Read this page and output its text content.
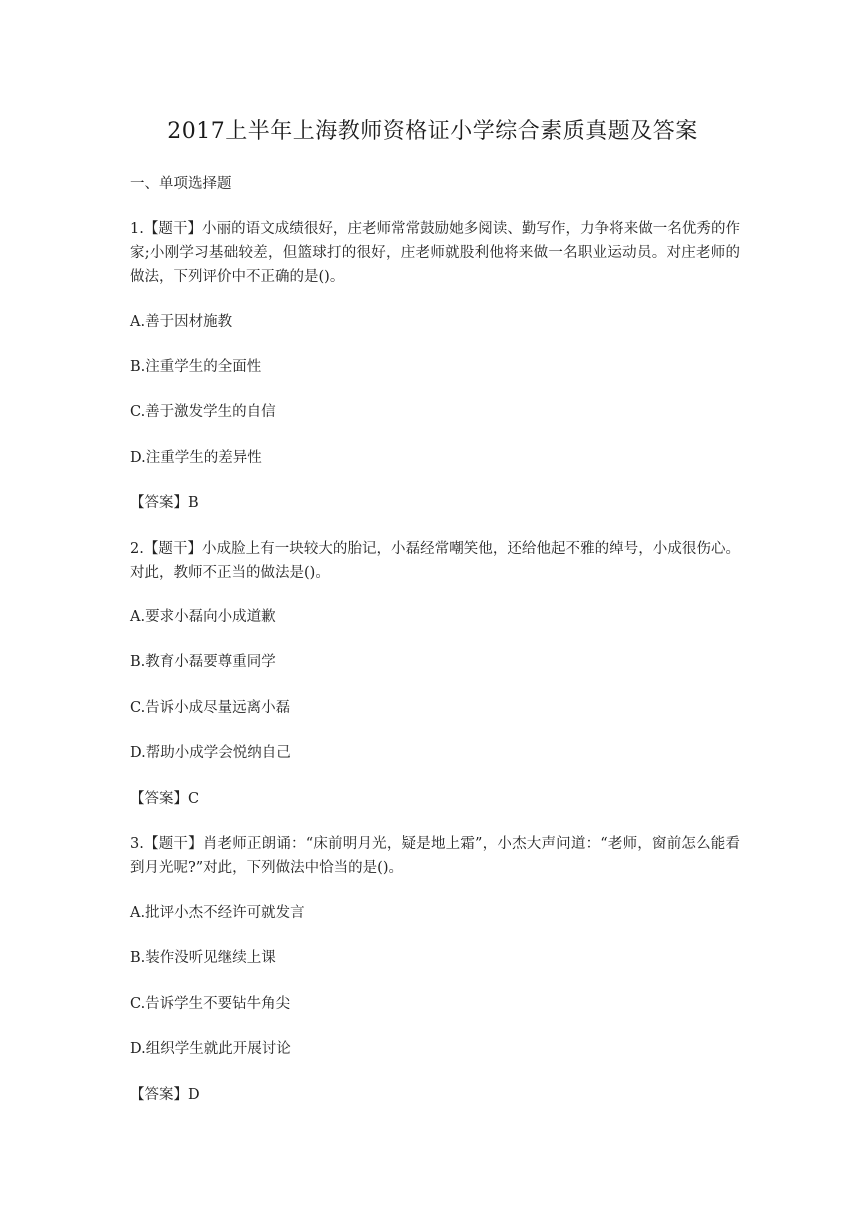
2017上半年上海教师资格证小学综合素质真题及答案
一、单项选择题
1.【题干】小丽的语文成绩很好，庄老师常常鼓励她多阅读、勤写作，力争将来做一名优秀的作家;小刚学习基础较差，但篮球打的很好，庄老师就股利他将来做一名职业运动员。对庄老师的做法，下列评价中不正确的是()。
A.善于因材施教
B.注重学生的全面性
C.善于激发学生的自信
D.注重学生的差异性
【答案】B
2.【题干】小成脸上有一块较大的胎记，小磊经常嘲笑他，还给他起不雅的绰号，小成很伤心。对此，教师不正当的做法是()。
A.要求小磊向小成道歉
B.教育小磊要尊重同学
C.告诉小成尽量远离小磊
D.帮助小成学会悦纳自己
【答案】C
3.【题干】肖老师正朗诵：“床前明月光，疑是地上霜”，小杰大声问道：“老师，窗前怎么能看到月光呢?”对此，下列做法中恰当的是()。
A.批评小杰不经许可就发言
B.装作没听见继续上课
C.告诉学生不要钻牛角尖
D.组织学生就此开展讨论
【答案】D
